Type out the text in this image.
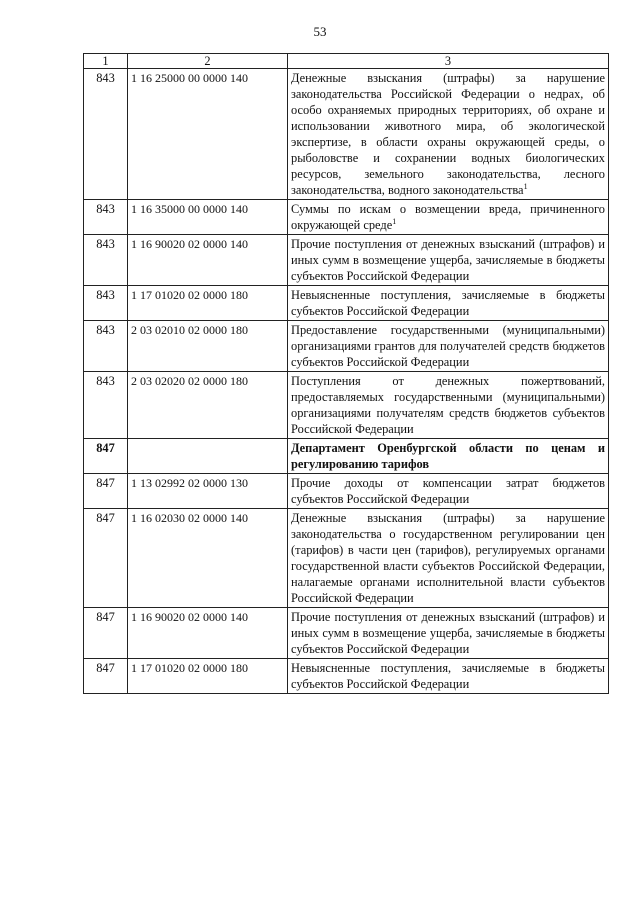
53
1	2	3
843	1 16 25000 00 0000 140	Денежные взыскания (штрафы) за нарушение законодательства Российской Федерации о недрах, об особо охраняемых природных территориях, об охране и использовании животного мира, об экологической экспертизе, в области охраны окружающей среды, о рыболовстве и сохранении водных биологических ресурсов, земельного законодательства, лесного законодательства, водного законодательства$^1$
843	1 16 35000 00 0000 140	Суммы по искам о возмещении вреда, причиненного окружающей среде$^1$
843	1 16 90020 02 0000 140	Прочие поступления от денежных взысканий (штрафов) и иных сумм в возмещение ущерба, зачисляемые в бюджеты субъектов Российской Федерации
843	1 17 01020 02 0000 180	Невыясненные поступления, зачисляемые в бюджеты субъектов Российской Федерации
843	2 03 02010 02 0000 180	Предоставление государственными (муниципальными) организациями грантов для получателей средств бюджетов субъектов Российской Федерации
843	2 03 02020 02 0000 180	Поступления от денежных пожертвований, предоставляемых государственными (муниципальными) организациями получателям средств бюджетов субъектов Российской Федерации
847		Департамент Оренбургской области по ценам и регулированию тарифов
847	1 13 02992 02 0000 130	Прочие доходы от компенсации затрат бюджетов субъектов Российской Федерации
847	1 16 02030 02 0000 140	Денежные взыскания (штрафы) за нарушение законодательства о государственном регулировании цен (тарифов) в части цен (тарифов), регулируемых органами государственной власти субъектов Российской Федерации, налагаемые органами исполнительной власти субъектов Российской Федерации
847	1 16 90020 02 0000 140	Прочие поступления от денежных взысканий (штрафов) и иных сумм в возмещение ущерба, зачисляемые в бюджеты субъектов Российской Федерации
847	1 17 01020 02 0000 180	Невыясненные поступления, зачисляемые в бюджеты субъектов Российской Федерации
